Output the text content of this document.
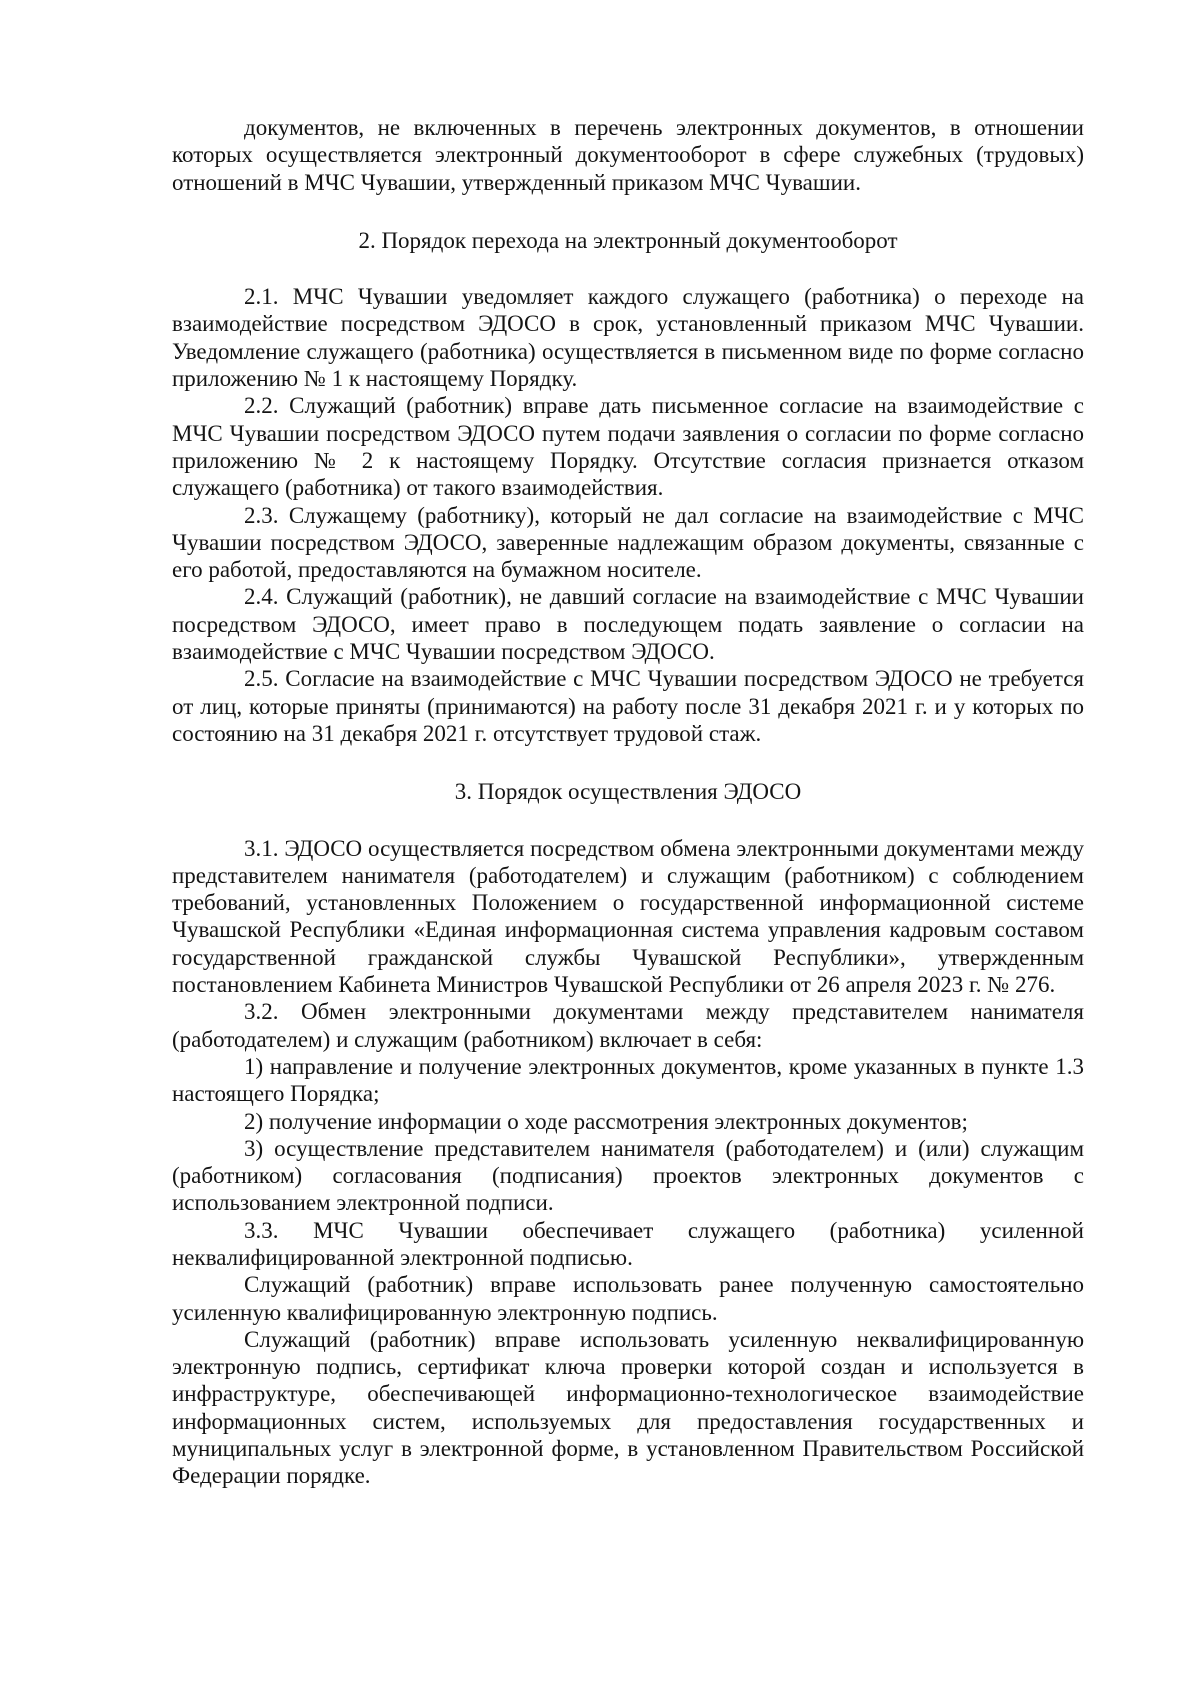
документов, не включенных в перечень электронных документов, в отношении которых осуществляется электронный документооборот в сфере служебных (трудовых) отношений в МЧС Чувашии, утвержденный приказом МЧС Чувашии.

2. Порядок перехода на электронный документооборот

2.1. МЧС Чувашии уведомляет каждого служащего (работника) о переходе на взаимодействие посредством ЭДОСО в срок, установленный приказом МЧС Чувашии. Уведомление служащего (работника) осуществляется в письменном виде по форме согласно приложению № 1 к настоящему Порядку.

2.2. Служащий (работник) вправе дать письменное согласие на взаимодействие с МЧС Чувашии посредством ЭДОСО путем подачи заявления о согласии по форме согласно приложению № 2 к настоящему Порядку. Отсутствие согласия признается отказом служащего (работника) от такого взаимодействия.

2.3. Служащему (работнику), который не дал согласие на взаимодействие с МЧС Чувашии посредством ЭДОСО, заверенные надлежащим образом документы, связанные с его работой, предоставляются на бумажном носителе.

2.4. Служащий (работник), не давший согласие на взаимодействие с МЧС Чувашии посредством ЭДОСО, имеет право в последующем подать заявление о согласии на взаимодействие с МЧС Чувашии посредством ЭДОСО.

2.5. Согласие на взаимодействие с МЧС Чувашии посредством ЭДОСО не требуется от лиц, которые приняты (принимаются) на работу после 31 декабря 2021 г. и у которых по состоянию на 31 декабря 2021 г. отсутствует трудовой стаж.

3. Порядок осуществления ЭДОСО

3.1. ЭДОСО осуществляется посредством обмена электронными документами между представителем нанимателя (работодателем) и служащим (работником) с соблюдением требований, установленных Положением о государственной информационной системе Чувашской Республики «Единая информационная система управления кадровым составом государственной гражданской службы Чувашской Республики», утвержденным постановлением Кабинета Министров Чувашской Республики от 26 апреля 2023 г. № 276.

3.2. Обмен электронными документами между представителем нанимателя (работодателем) и служащим (работником) включает в себя:

1) направление и получение электронных документов, кроме указанных в пункте 1.3 настоящего Порядка;

2) получение информации о ходе рассмотрения электронных документов;

3) осуществление представителем нанимателя (работодателем) и (или) служащим (работником) согласования (подписания) проектов электронных документов с использованием электронной подписи.

3.3. МЧС Чувашии обеспечивает служащего (работника) усиленной неквалифицированной электронной подписью.

Служащий (работник) вправе использовать ранее полученную самостоятельно усиленную квалифицированную электронную подпись.

Служащий (работник) вправе использовать усиленную неквалифицированную электронную подпись, сертификат ключа проверки которой создан и используется в инфраструктуре, обеспечивающей информационно-технологическое взаимодействие информационных систем, используемых для предоставления государственных и муниципальных услуг в электронной форме, в установленном Правительством Российской Федерации порядке.
